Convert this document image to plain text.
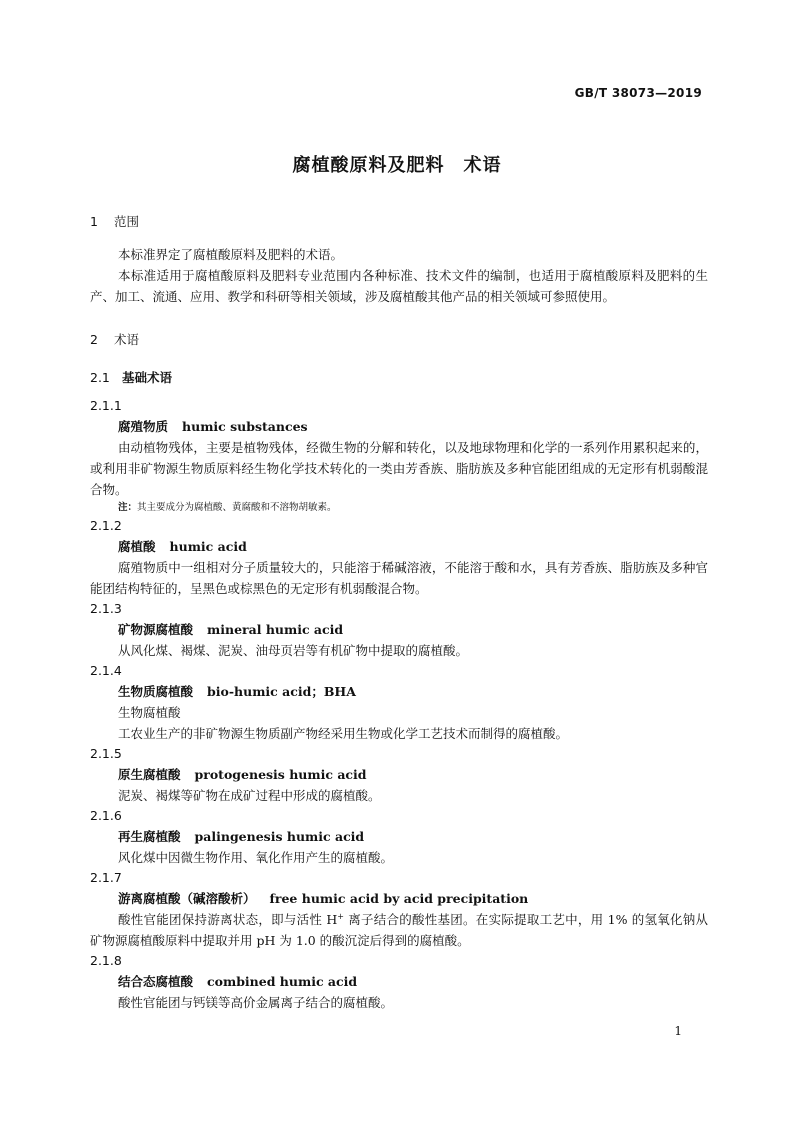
GB/T 38073—2019
腐植酸原料及肥料　术语
1 范围
本标准界定了腐植酸原料及肥料的术语。
本标准适用于腐植酸原料及肥料专业范围内各种标准、技术文件的编制，也适用于腐植酸原料及肥料的生产、加工、流通、应用、教学和科研等相关领域，涉及腐植酸其他产品的相关领域可参照使用。
2 术语
2.1 基础术语
2.1.1
腐殖物质 humic substances
由动植物残体，主要是植物残体，经微生物的分解和转化，以及地球物理和化学的一系列作用累积起来的，或利用非矿物源生物质原料经生物化学技术转化的一类由芳香族、脂肪族及多种官能团组成的无定形有机弱酸混合物。
注：其主要成分为腐植酸、黄腐酸和不溶物胡敏素。
2.1.2
腐植酸 humic acid
腐殖物质中一组相对分子质量较大的，只能溶于稀碱溶液，不能溶于酸和水，具有芳香族、脂肪族及多种官能团结构特征的，呈黑色或棕黑色的无定形有机弱酸混合物。
2.1.3
矿物源腐植酸 mineral humic acid
从风化煤、褐煤、泥炭、油母页岩等有机矿物中提取的腐植酸。
2.1.4
生物质腐植酸 bio-humic acid；BHA
生物腐植酸
工农业生产的非矿物源生物质副产物经采用生物或化学工艺技术而制得的腐植酸。
2.1.5
原生腐植酸 protogenesis humic acid
泥炭、褐煤等矿物在成矿过程中形成的腐植酸。
2.1.6
再生腐植酸 palingenesis humic acid
风化煤中因微生物作用、氧化作用产生的腐植酸。
2.1.7
游离腐植酸（碱溶酸析） free humic acid by acid precipitation
酸性官能团保持游离状态，即与活性 H+ 离子结合的酸性基团。在实际提取工艺中，用 1% 的氢氧化钠从矿物源腐植酸原料中提取并用 pH 为 1.0 的酸沉淀后得到的腐植酸。
2.1.8
结合态腐植酸 combined humic acid
酸性官能团与钙镁等高价金属离子结合的腐植酸。
1
